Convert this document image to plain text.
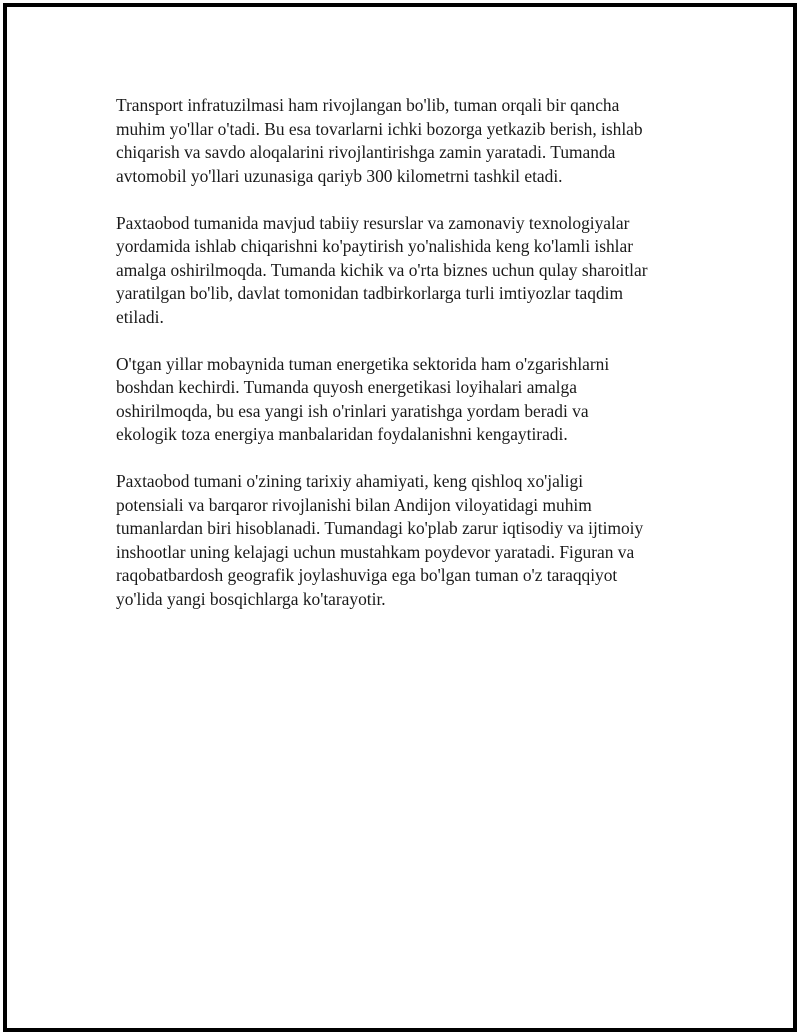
Transport infratuzilmasi ham rivojlangan bo'lib, tuman orqali bir qancha
muhim yo'llar o'tadi. Bu esa tovarlarni ichki bozorga yetkazib berish, ishlab
chiqarish va savdo aloqalarini rivojlantirishga zamin yaratadi. Tumanda
avtomobil yo'llari uzunasiga qariyb 300 kilometrni tashkil etadi.

Paxtaobod tumanida mavjud tabiiy resurslar va zamonaviy texnologiyalar
yordamida ishlab chiqarishni ko'paytirish yo'nalishida keng ko'lamli ishlar
amalga oshirilmoqda. Tumanda kichik va o'rta biznes uchun qulay sharoitlar
yaratilgan bo'lib, davlat tomonidan tadbirkorlarga turli imtiyozlar taqdim
etiladi.

O'tgan yillar mobaynida tuman energetika sektorida ham o'zgarishlarni
boshdan kechirdi. Tumanda quyosh energetikasi loyihalari amalga
oshirilmoqda, bu esa yangi ish o'rinlari yaratishga yordam beradi va
ekologik toza energiya manbalaridan foydalanishni kengaytiradi.

Paxtaobod tumani o'zining tarixiy ahamiyati, keng qishloq xo'jaligi
potensiali va barqaror rivojlanishi bilan Andijon viloyatidagi muhim
tumanlardan biri hisoblanadi. Tumandagi ko'plab zarur iqtisodiy va ijtimoiy
inshootlar uning kelajagi uchun mustahkam poydevor yaratadi. Figuran va
raqobatbardosh geografik joylashuviga ega bo'lgan tuman o'z taraqqiyot
yo'lida yangi bosqichlarga ko'tarayotir.
